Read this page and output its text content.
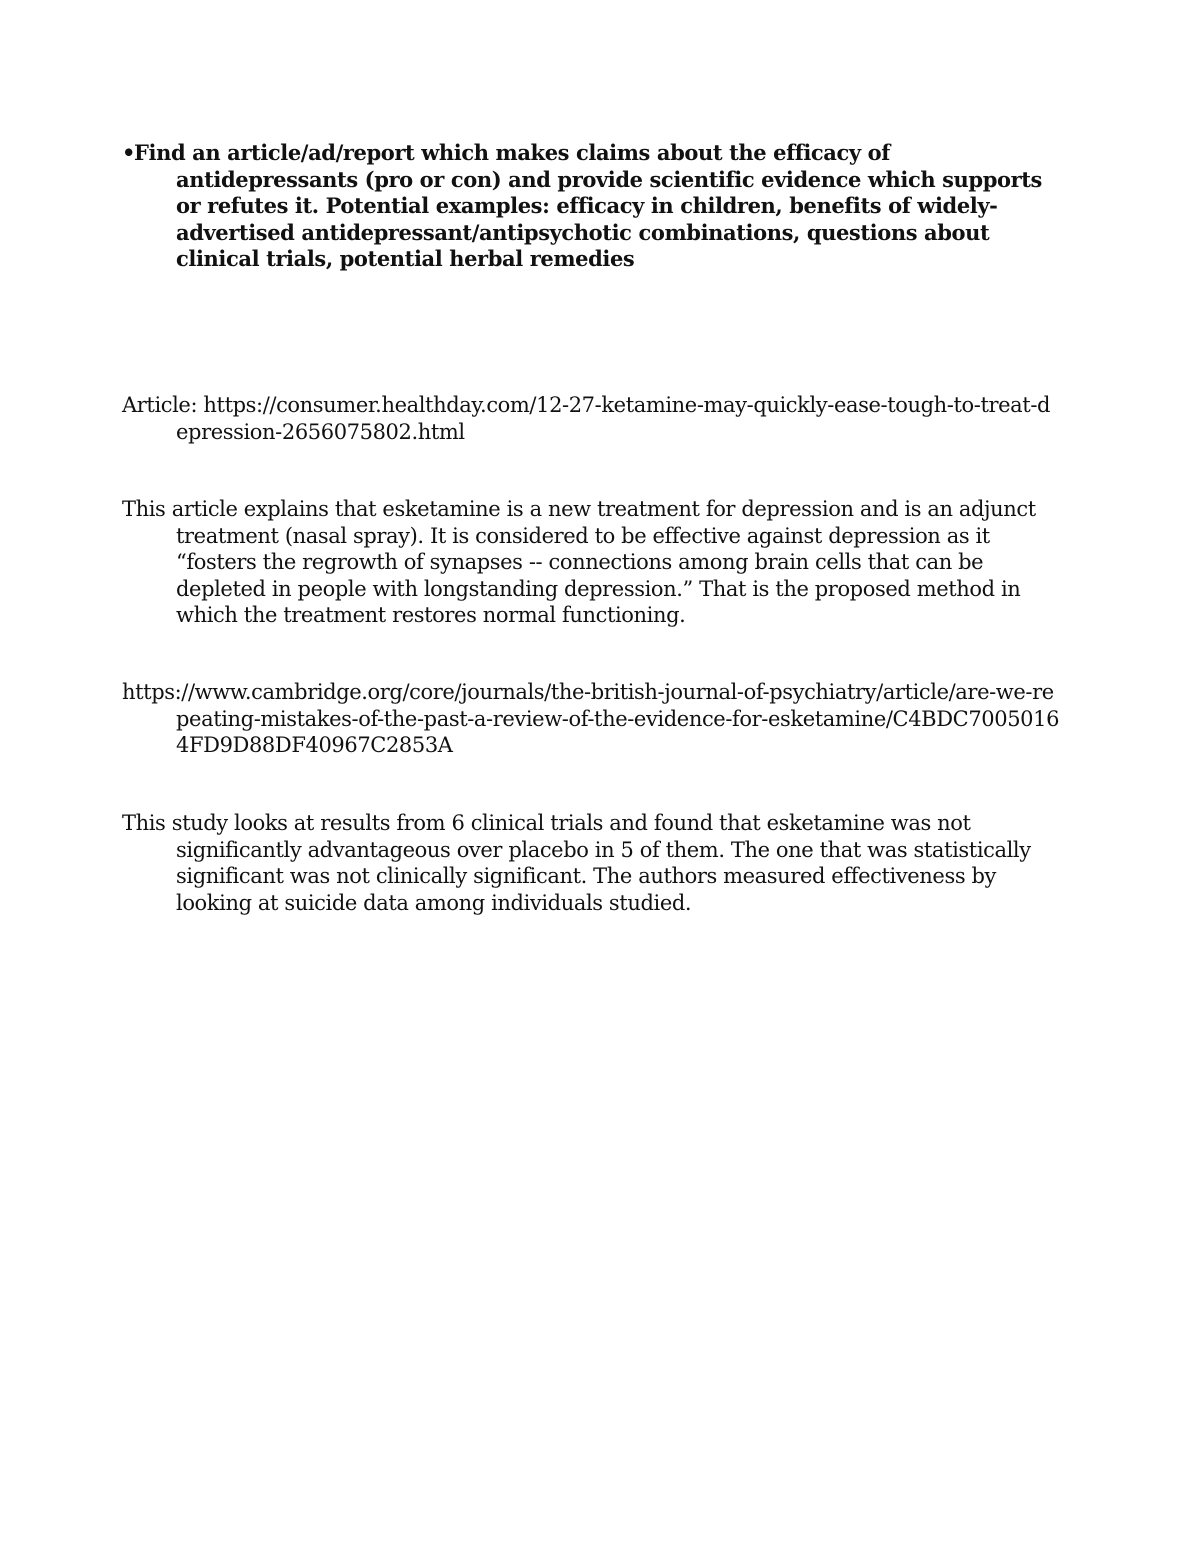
•Find an article/ad/report which makes claims about the efficacy of antidepressants (pro or con) and provide scientific evidence which supports or refutes it. Potential examples: efficacy in children, benefits of widely-advertised antidepressant/antipsychotic combinations, questions about clinical trials, potential herbal remedies

Article: https://consumer.healthday.com/12-27-ketamine-may-quickly-ease-tough-to-treat-depression-2656075802.html

This article explains that esketamine is a new treatment for depression and is an adjunct treatment (nasal spray). It is considered to be effective against depression as it “fosters the regrowth of synapses -- connections among brain cells that can be depleted in people with longstanding depression.” That is the proposed method in which the treatment restores normal functioning.

https://www.cambridge.org/core/journals/the-british-journal-of-psychiatry/article/are-we-repeating-mistakes-of-the-past-a-review-of-the-evidence-for-esketamine/C4BDC70050164FD9D88DF40967C2853A

This study looks at results from 6 clinical trials and found that esketamine was not significantly advantageous over placebo in 5 of them. The one that was statistically significant was not clinically significant. The authors measured effectiveness by looking at suicide data among individuals studied.
